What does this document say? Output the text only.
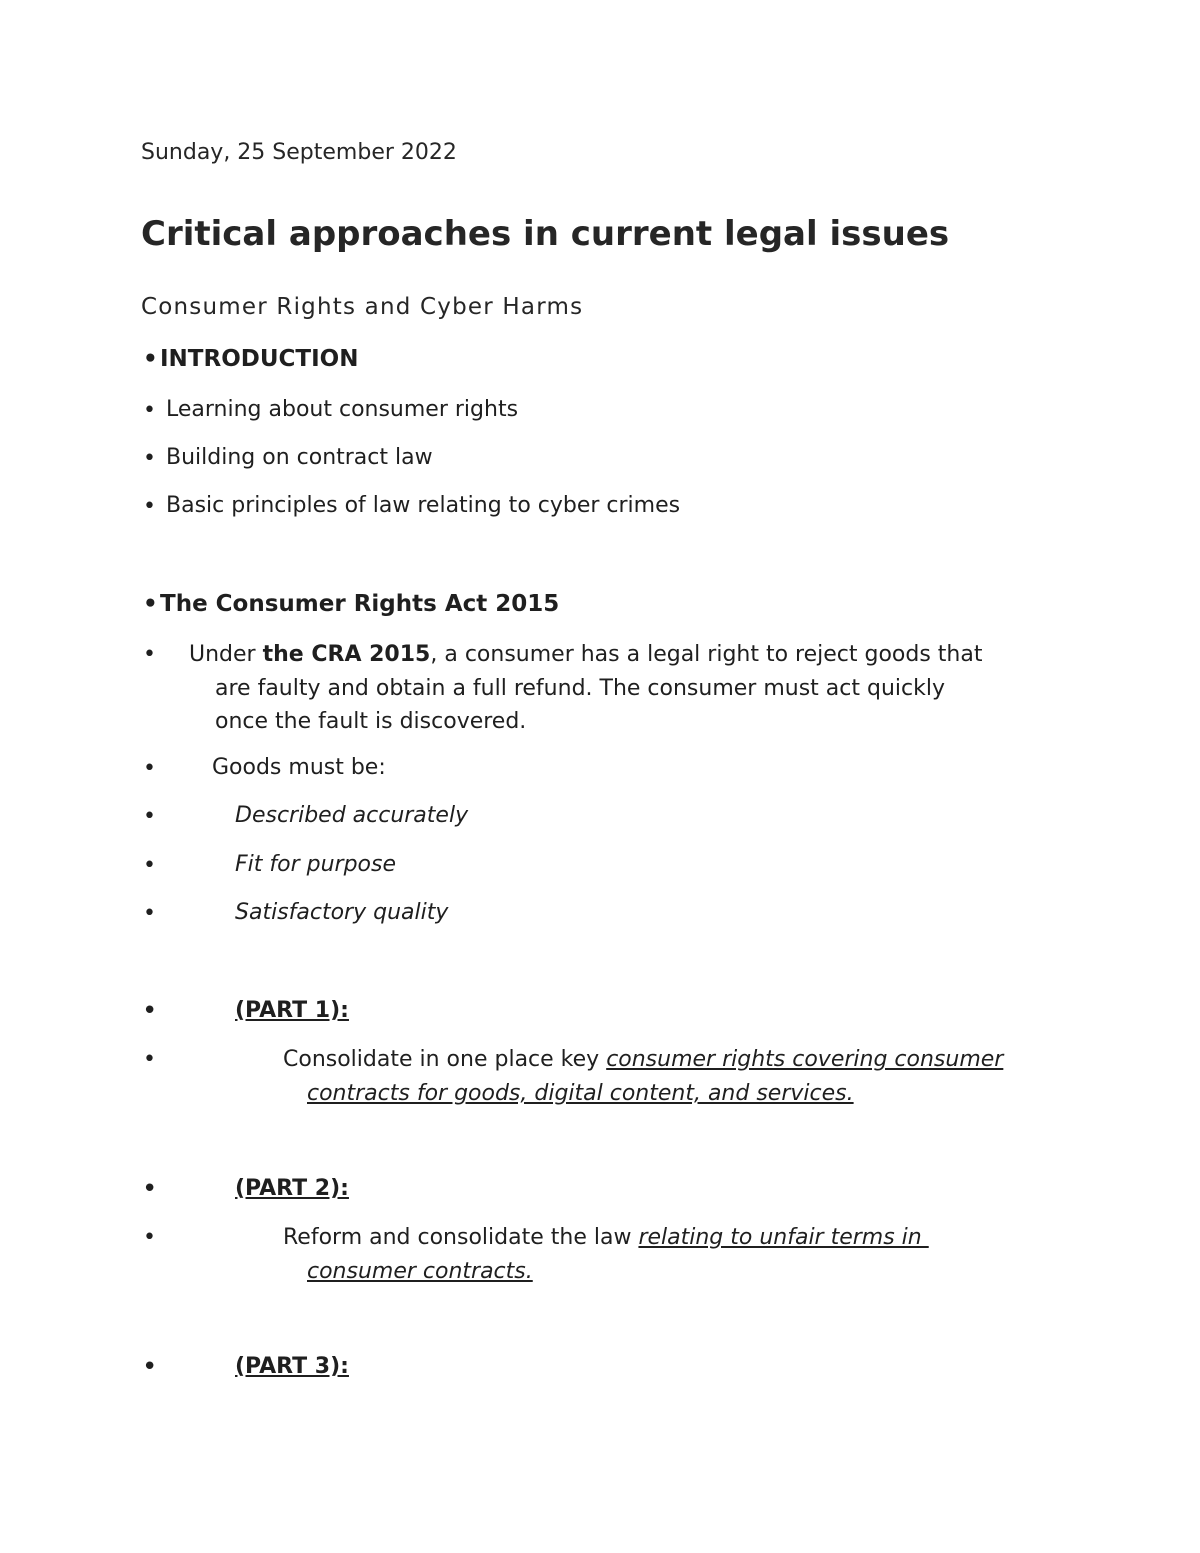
Sunday, 25 September 2022
Critical approaches in current legal issues
Consumer Rights and Cyber Harms
•INTRODUCTION
• Learning about consumer rights
• Building on contract law
• Basic principles of law relating to cyber crimes
•The Consumer Rights Act 2015
• Under the CRA 2015, a consumer has a legal right to reject goods that
are faulty and obtain a full refund. The consumer must act quickly
once the fault is discovered.
•	Goods must be:
•	Described accurately
•	Fit for purpose
•	Satisfactory quality
•	(PART 1):
•	Consolidate in one place key consumer rights covering consumer
contracts for goods, digital content, and services.
•	(PART 2):
•	Reform and consolidate the law relating to unfair terms in
consumer contracts.
•	(PART 3):
